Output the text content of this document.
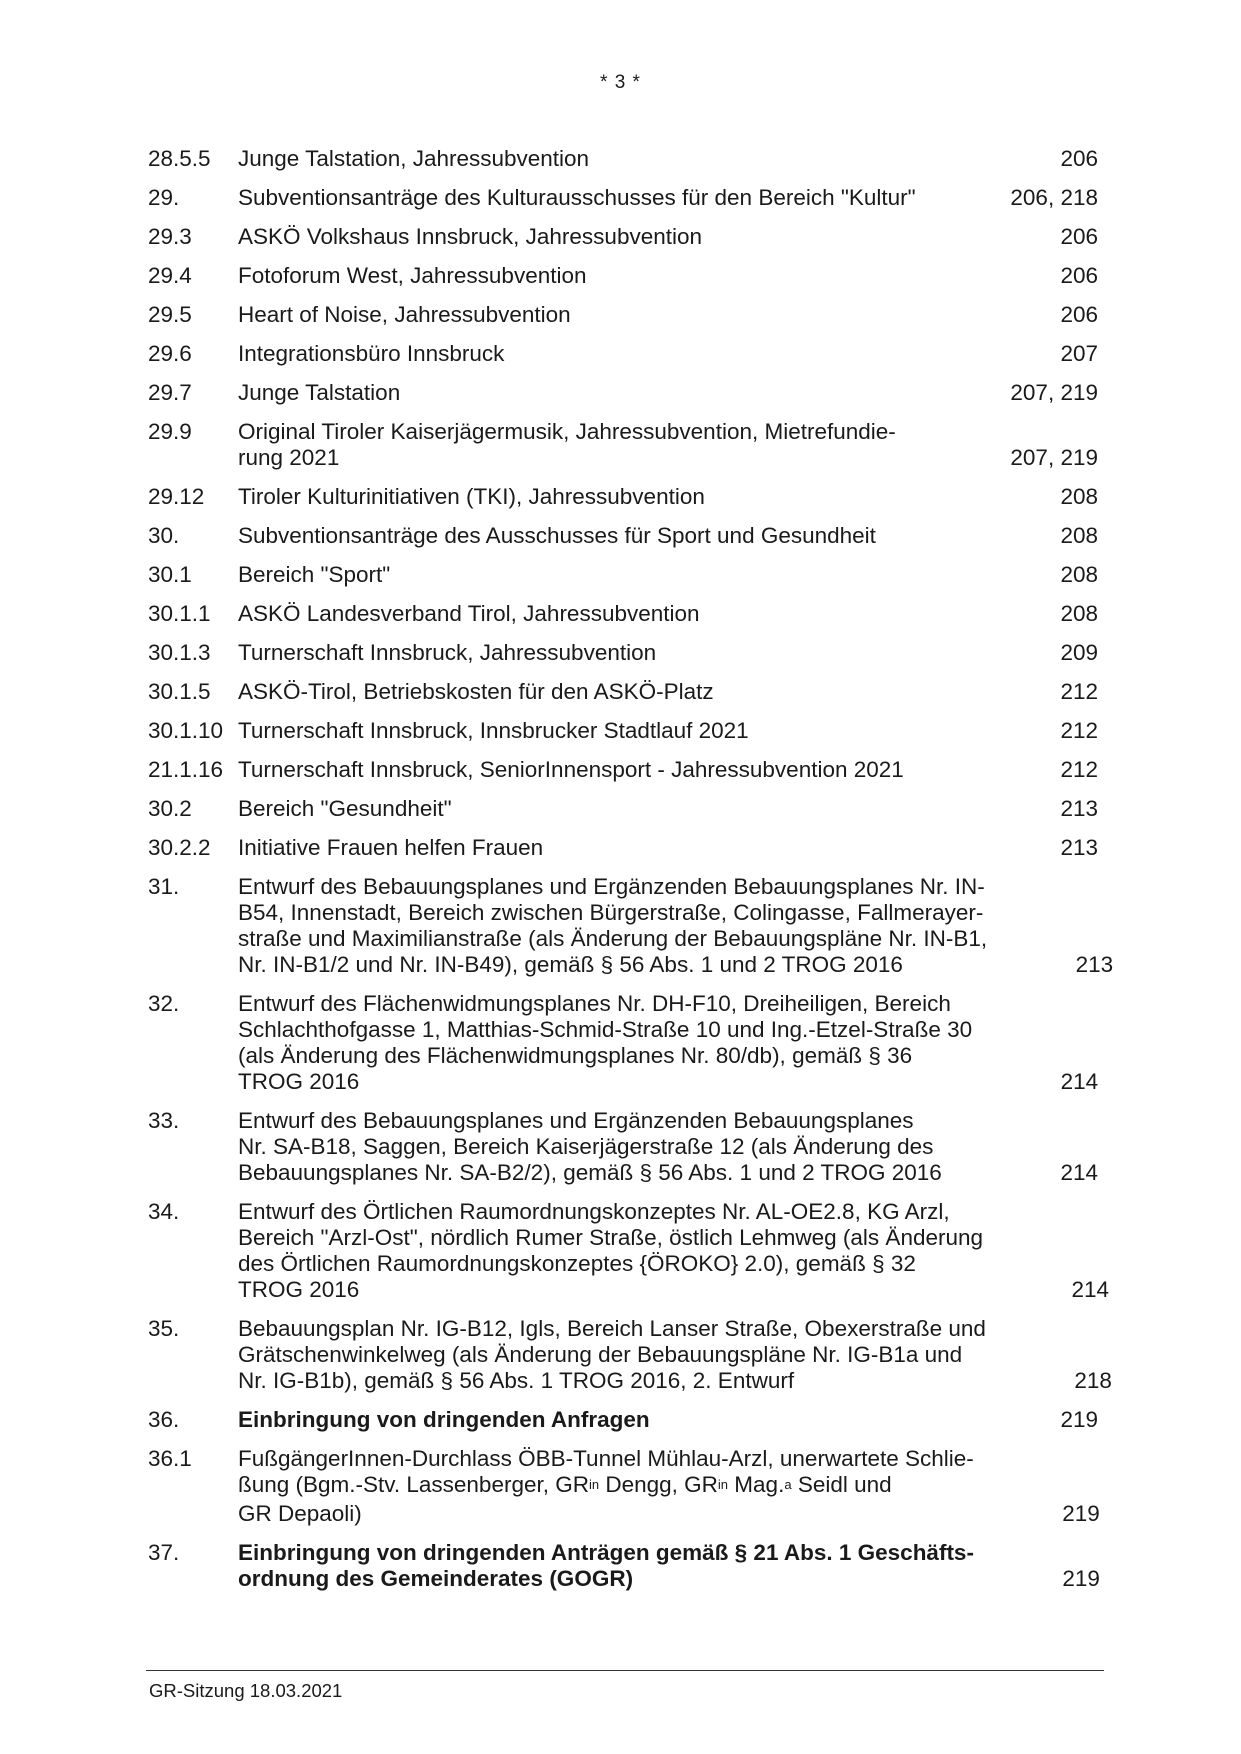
* 3 *
28.5.5	Junge Talstation, Jahressubvention	206
29.	Subventionsanträge des Kulturausschusses für den Bereich "Kultur"	206, 218
29.3	ASKÖ Volkshaus Innsbruck, Jahressubvention	206
29.4	Fotoforum West, Jahressubvention	206
29.5	Heart of Noise, Jahressubvention	206
29.6	Integrationsbüro Innsbruck	207
29.7	Junge Talstation	207, 219
29.9	Original Tiroler Kaiserjägermusik, Jahressubvention, Mietrefundie-
rung 2021	207, 219
29.12	Tiroler Kulturinitiativen (TKI), Jahressubvention	208
30.	Subventionsanträge des Ausschusses für Sport und Gesundheit	208
30.1	Bereich "Sport"	208
30.1.1	ASKÖ Landesverband Tirol, Jahressubvention	208
30.1.3	Turnerschaft Innsbruck, Jahressubvention	209
30.1.5	ASKÖ-Tirol, Betriebskosten für den ASKÖ-Platz	212
30.1.10 Turnerschaft Innsbruck, Innsbrucker Stadtlauf 2021	212
21.1.16 Turnerschaft Innsbruck, SeniorInnensport - Jahressubvention 2021	212
30.2	Bereich "Gesundheit"	213
30.2.2	Initiative Frauen helfen Frauen	213
31.	Entwurf des Bebauungsplanes und Ergänzenden Bebauungsplanes Nr. IN-
B54, Innenstadt, Bereich zwischen Bürgerstraße, Colingasse, Fallmerayer-
straße und Maximilianstraße (als Änderung der Bebauungspläne Nr. IN-B1,
Nr. IN-B1/2 und Nr. IN-B49), gemäß § 56 Abs. 1 und 2 TROG 2016	213
32.	Entwurf des Flächenwidmungsplanes Nr. DH-F10, Dreiheiligen, Bereich
Schlachthofgasse 1, Matthias-Schmid-Straße 10 und Ing.-Etzel-Straße 30
(als Änderung des Flächenwidmungsplanes Nr. 80/db), gemäß § 36
TROG 2016	214
33.	Entwurf des Bebauungsplanes und Ergänzenden Bebauungsplanes
Nr. SA-B18, Saggen, Bereich Kaiserjägerstraße 12 (als Änderung des
Bebauungsplanes Nr. SA-B2/2), gemäß § 56 Abs. 1 und 2 TROG 2016	214
34.	Entwurf des Örtlichen Raumordnungskonzeptes Nr. AL-OE2.8, KG Arzl,
Bereich "Arzl-Ost", nördlich Rumer Straße, östlich Lehmweg (als Änderung
des Örtlichen Raumordnungskonzeptes {ÖROKO} 2.0), gemäß § 32
TROG 2016	214
35.	Bebauungsplan Nr. IG-B12, Igls, Bereich Lanser Straße, Obexerstraße und
Grätschenwinkelweg (als Änderung der Bebauungspläne Nr. IG-B1a und
Nr. IG-B1b), gemäß § 56 Abs. 1 TROG 2016, 2. Entwurf	218
36.	Einbringung von dringenden Anfragen	219
36.1	FußgängerInnen-Durchlass ÖBB-Tunnel Mühlau-Arzl, unerwartete Schlie-
ßung (Bgm.-Stv. Lassenberger, $GR^{in}$ Dengg, $GR^{in}$ Mag.$^a$ Seidl und
GR Depaoli)	219
37.	Einbringung von dringenden Anträgen gemäß § 21 Abs. 1 Geschäfts-
ordnung des Gemeinderates (GOGR)	219
GR-Sitzung 18.03.2021
